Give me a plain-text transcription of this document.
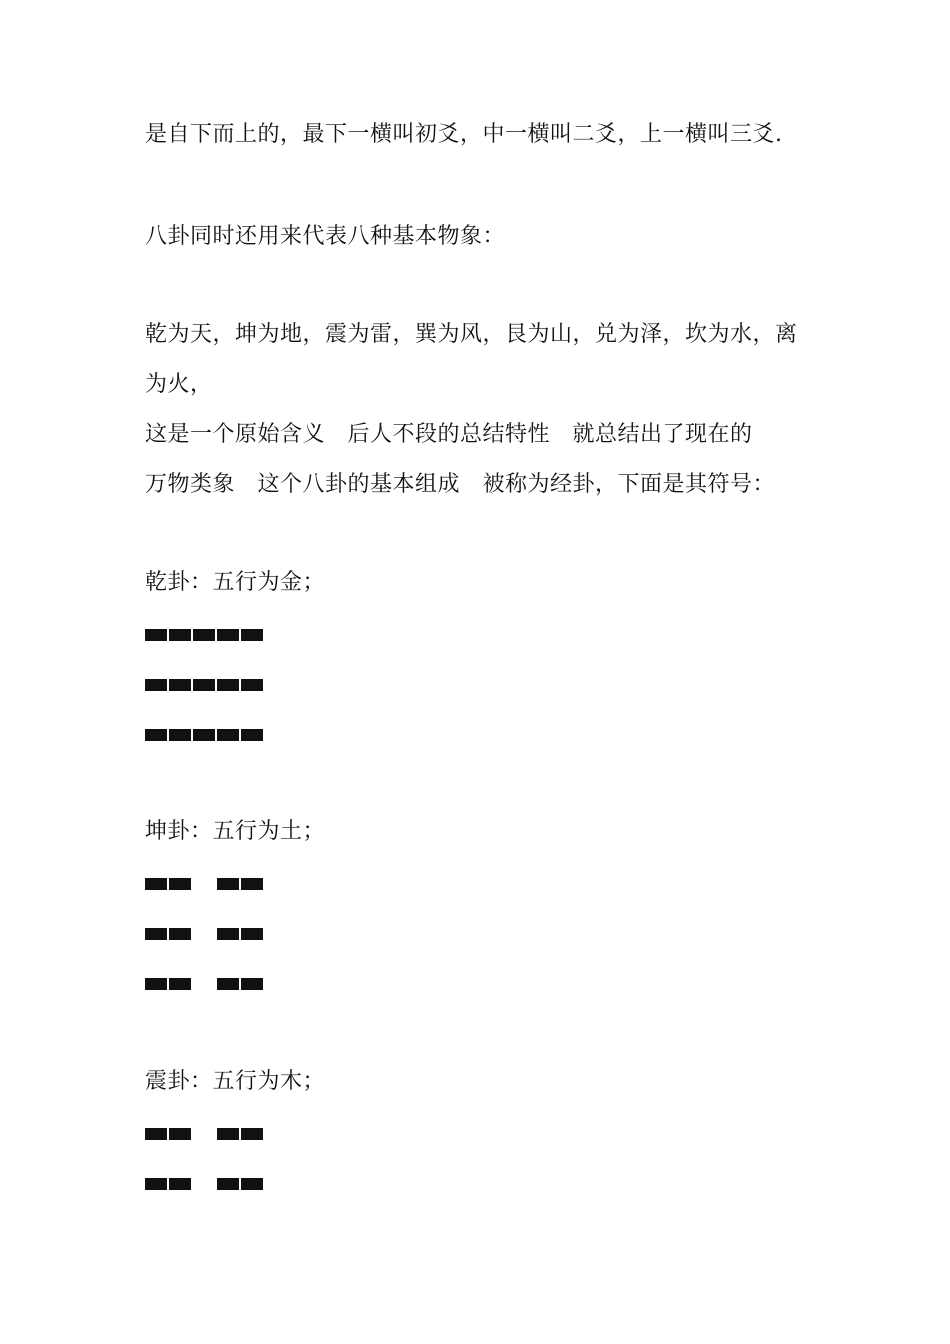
是自下而上的，最下一横叫初爻，中一横叫二爻，上一横叫三爻.
八卦同时还用来代表八种基本物象：
乾为天，坤为地，震为雷，巽为风，艮为山，兑为泽，坎为水，离
为火，
这是一个原始含义　后人不段的总结特性　就总结出了现在的
万物类象　这个八卦的基本组成　被称为经卦，下面是其符号：
乾卦：五行为金；
坤卦：五行为土；
震卦：五行为木；
